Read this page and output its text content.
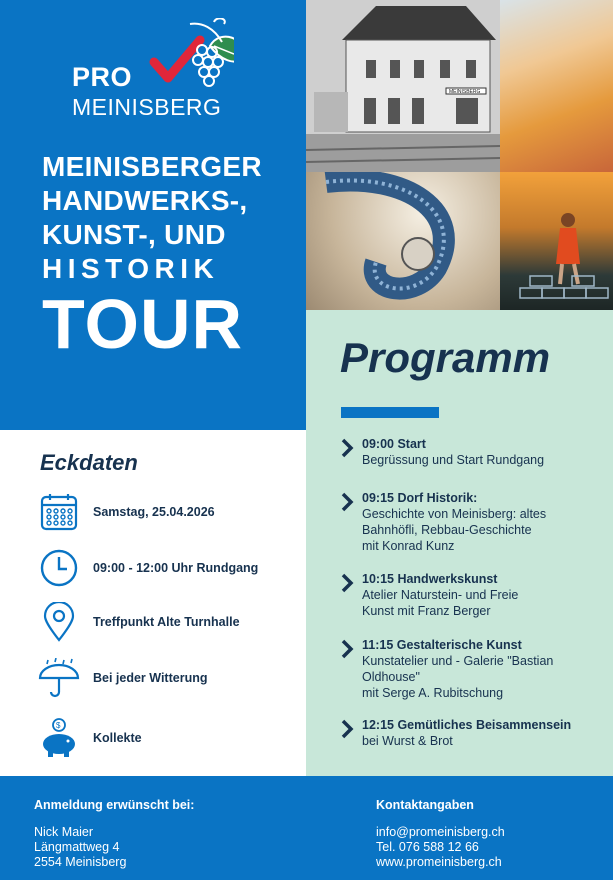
PRO
MEINISBERG
MEINISBERGER
HANDWERKS-,
KUNST-, UND
HISTORIK
TOUR
MEINISBERG
Programm
09:00 Start
Begrüssung und Start Rundgang
09:15 Dorf Historik:
Geschichte von Meinisberg: altes
Bahnhöfli, Rebbau-Geschichte
mit Konrad Kunz
10:15 Handwerkskunst
Atelier Naturstein- und Freie
Kunst mit Franz Berger
11:15 Gestalterische Kunst
Kunstatelier und - Galerie "Bastian
Oldhouse"
mit Serge A. Rubitschung
12:15 Gemütliches Beisammensein
bei Wurst & Brot
Eckdaten
Samstag, 25.04.2026
09:00 - 12:00 Uhr Rundgang
Treffpunkt Alte Turnhalle
Bei jeder Witterung
$
Kollekte
Anmeldung erwünscht bei:
Nick Maier
Längmattweg 4
2554 Meinisberg
Kontaktangaben
info@promeinisberg.ch
Tel. 076 588 12 66
www.promeinisberg.ch
